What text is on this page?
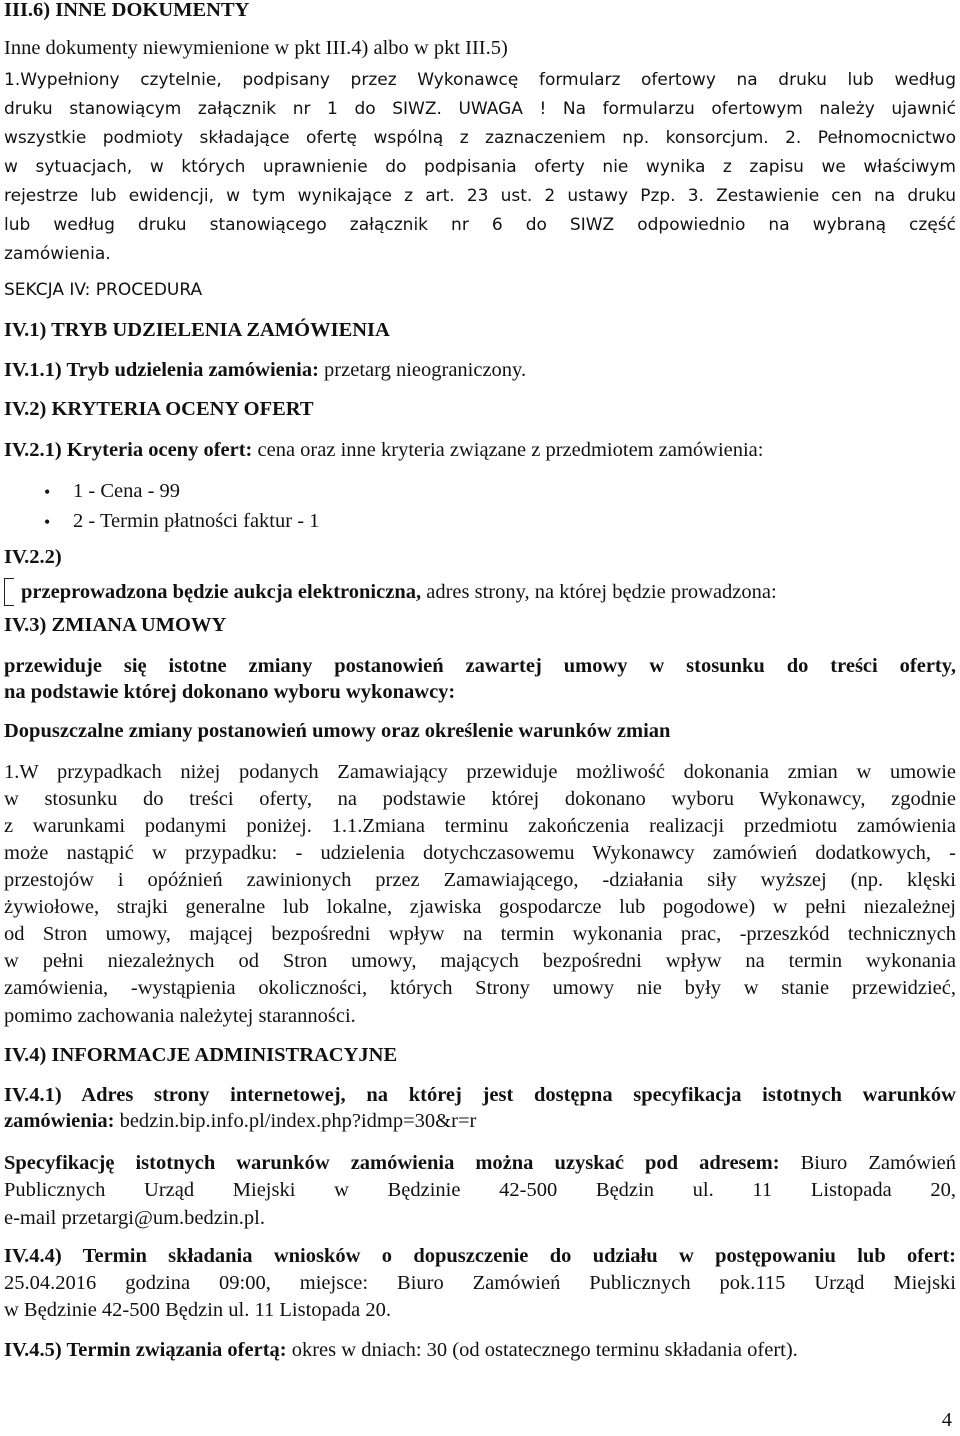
III.6) INNE DOKUMENTY
Inne dokumenty niewymienione w pkt III.4) albo w pkt III.5)
1.Wypełniony czytelnie, podpisany przez Wykonawcę formularz ofertowy na druku lub według
druku stanowiącym załącznik nr 1 do SIWZ. UWAGA ! Na formularzu ofertowym należy ujawnić
wszystkie podmioty składające ofertę wspólną z zaznaczeniem np. konsorcjum. 2. Pełnomocnictwo
w sytuacjach, w których uprawnienie do podpisania oferty nie wynika z zapisu we właściwym
rejestrze lub ewidencji, w tym wynikające z art. 23 ust. 2 ustawy Pzp. 3. Zestawienie cen na druku
lub według druku stanowiącego załącznik nr 6 do SIWZ odpowiednio na wybraną część
zamówienia.
SEKCJA IV: PROCEDURA
IV.1) TRYB UDZIELENIA ZAMÓWIENIA
IV.1.1) Tryb udzielenia zamówienia: przetarg nieograniczony.
IV.2) KRYTERIA OCENY OFERT
IV.2.1) Kryteria oceny ofert: cena oraz inne kryteria związane z przedmiotem zamówienia:
• 1 - Cena - 99
• 2 - Termin płatności faktur - 1
IV.2.2)
przeprowadzona będzie aukcja elektroniczna, adres strony, na której będzie prowadzona:
IV.3) ZMIANA UMOWY
przewiduje się istotne zmiany postanowień zawartej umowy w stosunku do treści oferty,
na podstawie której dokonano wyboru wykonawcy:
Dopuszczalne zmiany postanowień umowy oraz określenie warunków zmian
1.W przypadkach niżej podanych Zamawiający przewiduje możliwość dokonania zmian w umowie
w stosunku do treści oferty, na podstawie której dokonano wyboru Wykonawcy, zgodnie
z warunkami podanymi poniżej. 1.1.Zmiana terminu zakończenia realizacji przedmiotu zamówienia
może nastąpić w przypadku: - udzielenia dotychczasowemu Wykonawcy zamówień dodatkowych, -
przestojów i opóźnień zawinionych przez Zamawiającego, -działania siły wyższej (np. klęski
żywiołowe, strajki generalne lub lokalne, zjawiska gospodarcze lub pogodowe) w pełni niezależnej
od Stron umowy, mającej bezpośredni wpływ na termin wykonania prac, -przeszkód technicznych
w pełni niezależnych od Stron umowy, mających bezpośredni wpływ na termin wykonania
zamówienia, -wystąpienia okoliczności, których Strony umowy nie były w stanie przewidzieć,
pomimo zachowania należytej staranności.
IV.4) INFORMACJE ADMINISTRACYJNE
IV.4.1) Adres strony internetowej, na której jest dostępna specyfikacja istotnych warunków
zamówienia: bedzin.bip.info.pl/index.php?idmp=30&r=r
Specyfikację istotnych warunków zamówienia można uzyskać pod adresem: Biuro Zamówień
Publicznych Urząd Miejski w Będzinie 42-500 Będzin ul. 11 Listopada 20,
e-mail przetargi@um.bedzin.pl.
IV.4.4) Termin składania wniosków o dopuszczenie do udziału w postępowaniu lub ofert:
25.04.2016 godzina 09:00, miejsce: Biuro Zamówień Publicznych pok.115 Urząd Miejski
w Będzinie 42-500 Będzin ul. 11 Listopada 20.
IV.4.5) Termin związania ofertą: okres w dniach: 30 (od ostatecznego terminu składania ofert).
4
